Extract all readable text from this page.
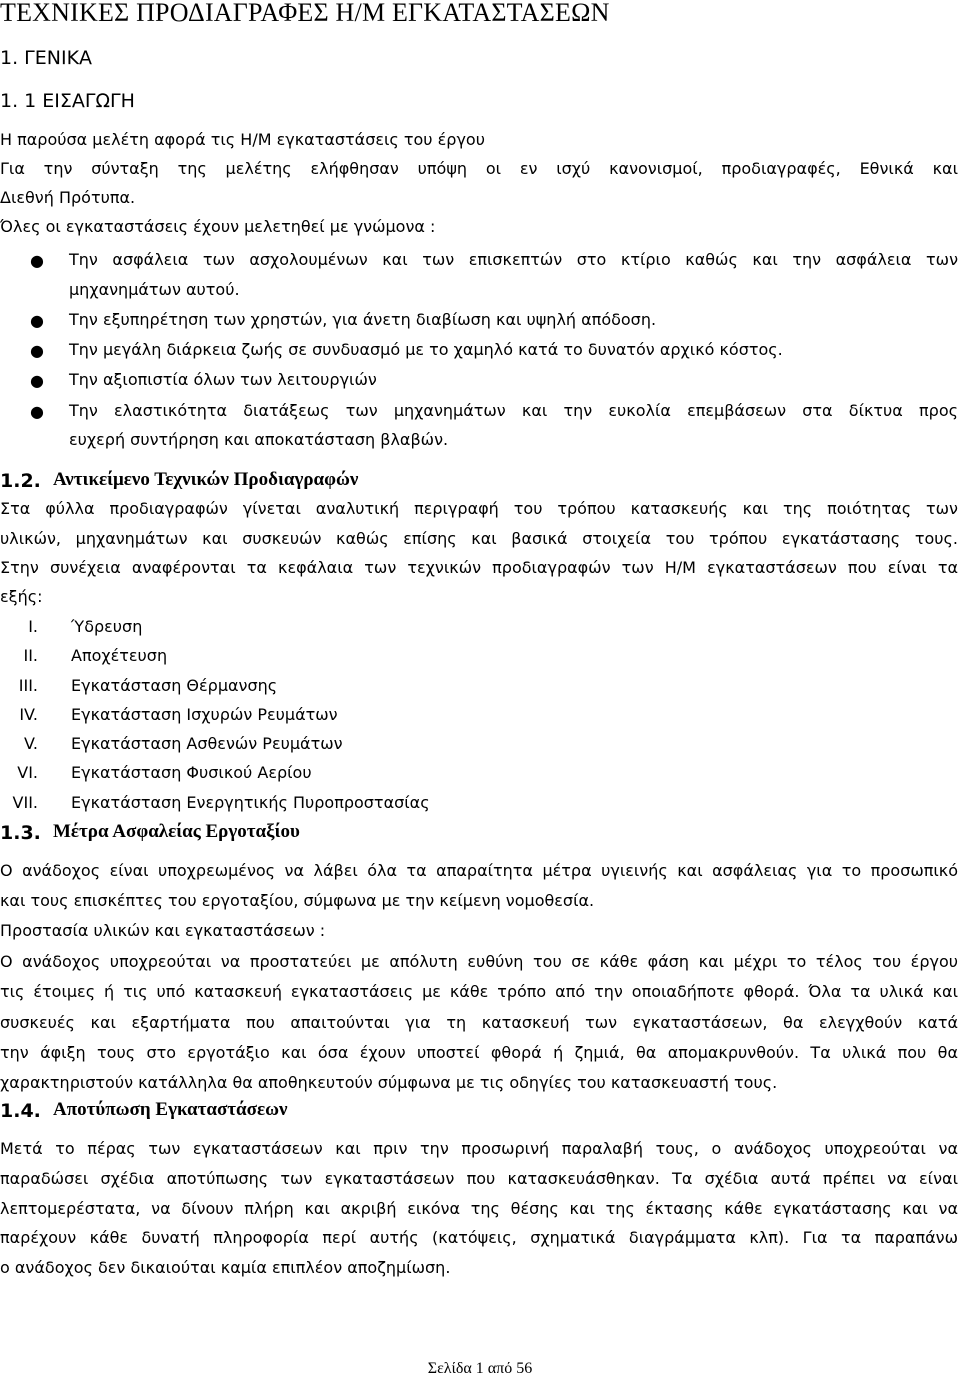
ΤΕΧΝΙΚΕΣ ΠΡΟΔΙΑΓΡΑΦΕΣ Η/Μ ΕΓΚΑΤΑΣΤΑΣΕΩΝ
1. ΓΕΝΙΚΑ
1. 1 ΕΙΣΑΓΩΓΗ
Η παρούσα μελέτη αφορά τις Η/Μ εγκαταστάσεις του έργου
Για την σύνταξη της μελέτης ελήφθησαν υπόψη οι εν ισχύ κανονισμοί, προδιαγραφές, Εθνικά και
Διεθνή Πρότυπα.
Όλες οι εγκαταστάσεις έχουν μελετηθεί με γνώμονα :
● Την ασφάλεια των ασχολουμένων και των επισκεπτών στο κτίριο καθώς και την ασφάλεια των
μηχανημάτων αυτού.
● Την εξυπηρέτηση των χρηστών, για άνετη διαβίωση και υψηλή απόδοση.
● Την μεγάλη διάρκεια ζωής σε συνδυασμό με το χαμηλό κατά το δυνατόν αρχικό κόστος.
● Την αξιοπιστία όλων των λειτουργιών
● Την ελαστικότητα διατάξεως των μηχανημάτων και την ευκολία επεμβάσεων στα δίκτυα προς
ευχερή συντήρηση και αποκατάσταση βλαβών.
1.2. Αντικείμενο Τεχνικών Προδιαγραφών
Στα φύλλα προδιαγραφών γίνεται αναλυτική περιγραφή του τρόπου κατασκευής και της ποιότητας των
υλικών, μηχανημάτων και συσκευών καθώς επίσης και βασικά στοιχεία του τρόπου εγκατάστασης τους.
Στην συνέχεια αναφέρονται τα κεφάλαια των τεχνικών προδιαγραφών των Η/Μ εγκαταστάσεων που είναι τα
εξής:
I. Ύδρευση
II. Αποχέτευση
III. Εγκατάσταση Θέρμανσης
IV. Εγκατάσταση Ισχυρών Ρευμάτων
V. Εγκατάσταση Ασθενών Ρευμάτων
VI. Εγκατάσταση Φυσικού Αερίου
VII. Εγκατάσταση Ενεργητικής Πυροπροστασίας
1.3. Μέτρα Ασφαλείας Εργοταξίου
Ο ανάδοχος είναι υποχρεωμένος να λάβει όλα τα απαραίτητα μέτρα υγιεινής και ασφάλειας για το προσωπικό
και τους επισκέπτες του εργοταξίου, σύμφωνα με την κείμενη νομοθεσία.
Προστασία υλικών και εγκαταστάσεων :
Ο ανάδοχος υποχρεούται να προστατεύει με απόλυτη ευθύνη του σε κάθε φάση και μέχρι το τέλος του έργου
τις έτοιμες ή τις υπό κατασκευή εγκαταστάσεις με κάθε τρόπο από την οποιαδήποτε φθορά. Όλα τα υλικά και
συσκευές και εξαρτήματα που απαιτούνται για τη κατασκευή των εγκαταστάσεων, θα ελεγχθούν κατά
την άφιξη τους στο εργοτάξιο και όσα έχουν υποστεί φθορά ή ζημιά, θα απομακρυνθούν. Τα υλικά που θα
χαρακτηριστούν κατάλληλα θα αποθηκευτούν σύμφωνα με τις οδηγίες του κατασκευαστή τους.
1.4. Αποτύπωση Εγκαταστάσεων
Μετά το πέρας των εγκαταστάσεων και πριν την προσωρινή παραλαβή τους, ο ανάδοχος υποχρεούται να
παραδώσει σχέδια αποτύπωσης των εγκαταστάσεων που κατασκευάσθηκαν. Τα σχέδια αυτά πρέπει να είναι
λεπτομερέστατα, να δίνουν πλήρη και ακριβή εικόνα της θέσης και της έκτασης κάθε εγκατάστασης και να
παρέχουν κάθε δυνατή πληροφορία περί αυτής (κατόψεις, σχηματικά διαγράμματα κλπ). Για τα παραπάνω
ο ανάδοχος δεν δικαιούται καμία επιπλέον αποζημίωση.
Σελίδα 1 από 56
